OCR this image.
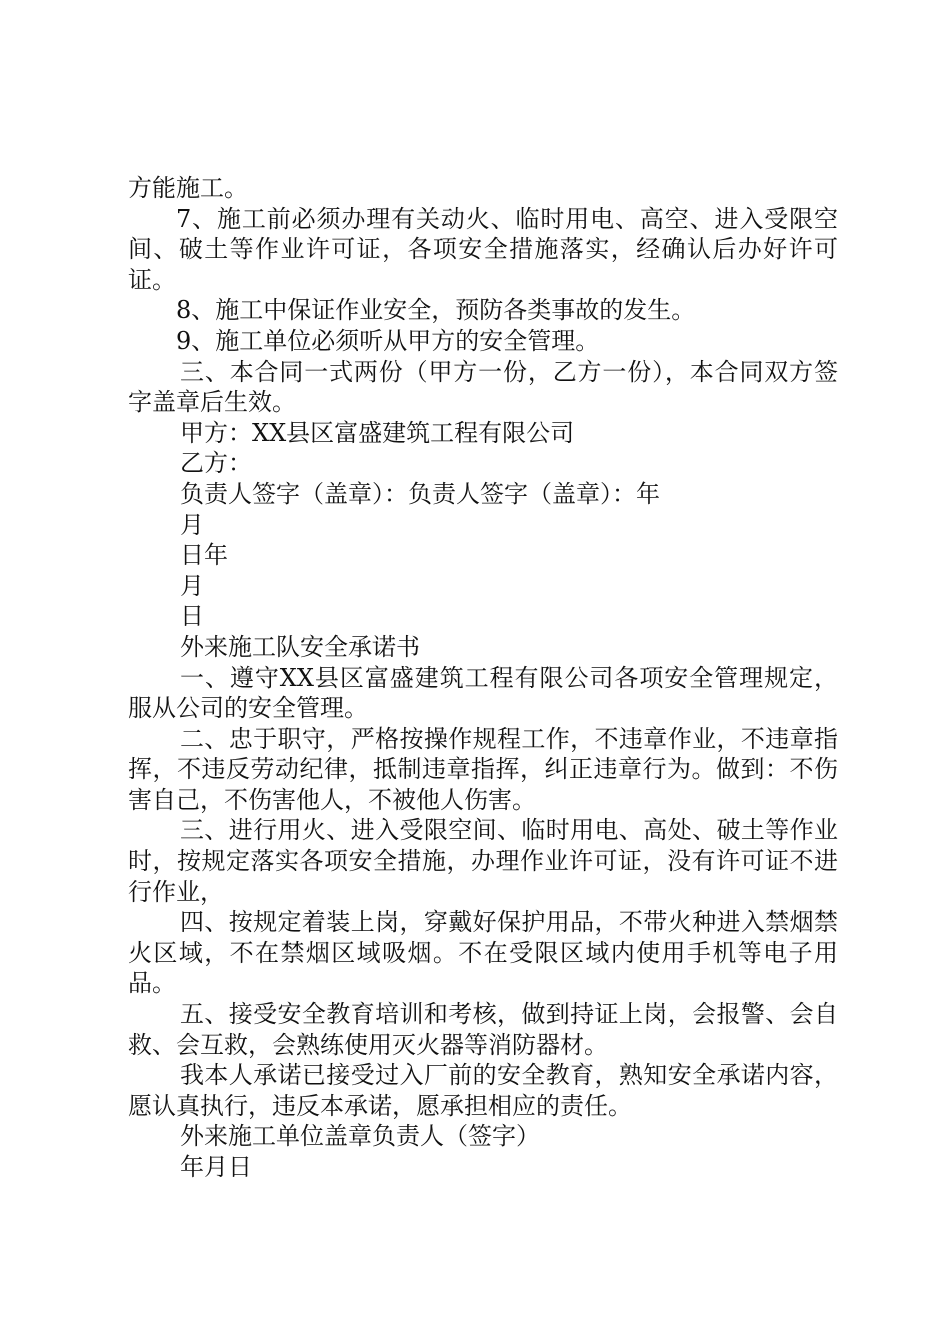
方能施工。

7、施工前必须办理有关动火、临时用电、高空、进入受限空间、破土等作业许可证，各项安全措施落实，经确认后办好许可证。

8、施工中保证作业安全，预防各类事故的发生。

9、施工单位必须听从甲方的安全管理。

三、本合同一式两份（甲方一份，乙方一份），本合同双方签字盖章后生效。

甲方：XX县区富盛建筑工程有限公司

乙方：

负责人签字（盖章）：负责人签字（盖章）：年

月

日年

月

日

外来施工队安全承诺书

一、遵守XX县区富盛建筑工程有限公司各项安全管理规定，服从公司的安全管理。

二、忠于职守，严格按操作规程工作，不违章作业，不违章指挥，不违反劳动纪律，抵制违章指挥，纠正违章行为。做到：不伤害自己，不伤害他人，不被他人伤害。

三、进行用火、进入受限空间、临时用电、高处、破土等作业时，按规定落实各项安全措施，办理作业许可证，没有许可证不进行作业，

四、按规定着装上岗，穿戴好保护用品，不带火种进入禁烟禁火区域，不在禁烟区域吸烟。不在受限区域内使用手机等电子用品。

五、接受安全教育培训和考核，做到持证上岗，会报警、会自救、会互救，会熟练使用灭火器等消防器材。

我本人承诺已接受过入厂前的安全教育，熟知安全承诺内容，愿认真执行，违反本承诺，愿承担相应的责任。

外来施工单位盖章负责人（签字）

年月日
